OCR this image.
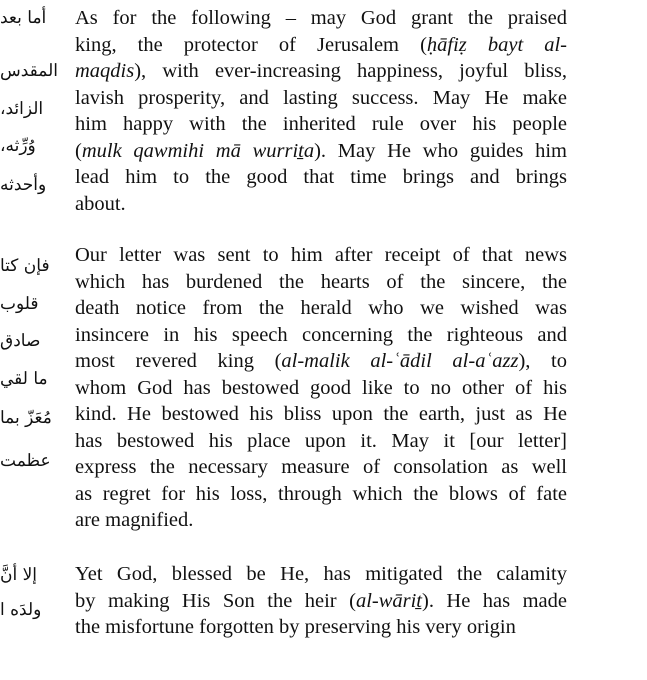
أما بعد
المقدس
الزائد،
وُرِّثه،
وأحدثه
فإن كتا
قلوب
صادق
ما لقي
مُعَزّ بما
عظمت
إلا أنَّ
ولدَه ا
As for the following – may God grant the praised
king, the protector of Jerusalem (ḥāfiẓ bayt al-
maqdis), with ever-increasing happiness, joyful bliss,
lavish prosperity, and lasting success. May He make
him happy with the inherited rule over his people
(mulk qawmihi mā wurriṯa). May He who guides him
lead him to the good that time brings and brings
about.
Our letter was sent to him after receipt of that news
which has burdened the hearts of the sincere, the
death notice from the herald who we wished was
insincere in his speech concerning the righteous and
most revered king (al-malik al-ʿādil al-aʿazz), to
whom God has bestowed good like to no other of his
kind. He bestowed his bliss upon the earth, just as He
has bestowed his place upon it. May it [our letter]
express the necessary measure of consolation as well
as regret for his loss, through which the blows of fate
are magnified.
Yet God, blessed be He, has mitigated the calamity
by making His Son the heir (al-wāriṯ). He has made
the misfortune forgotten by preserving his very origin
